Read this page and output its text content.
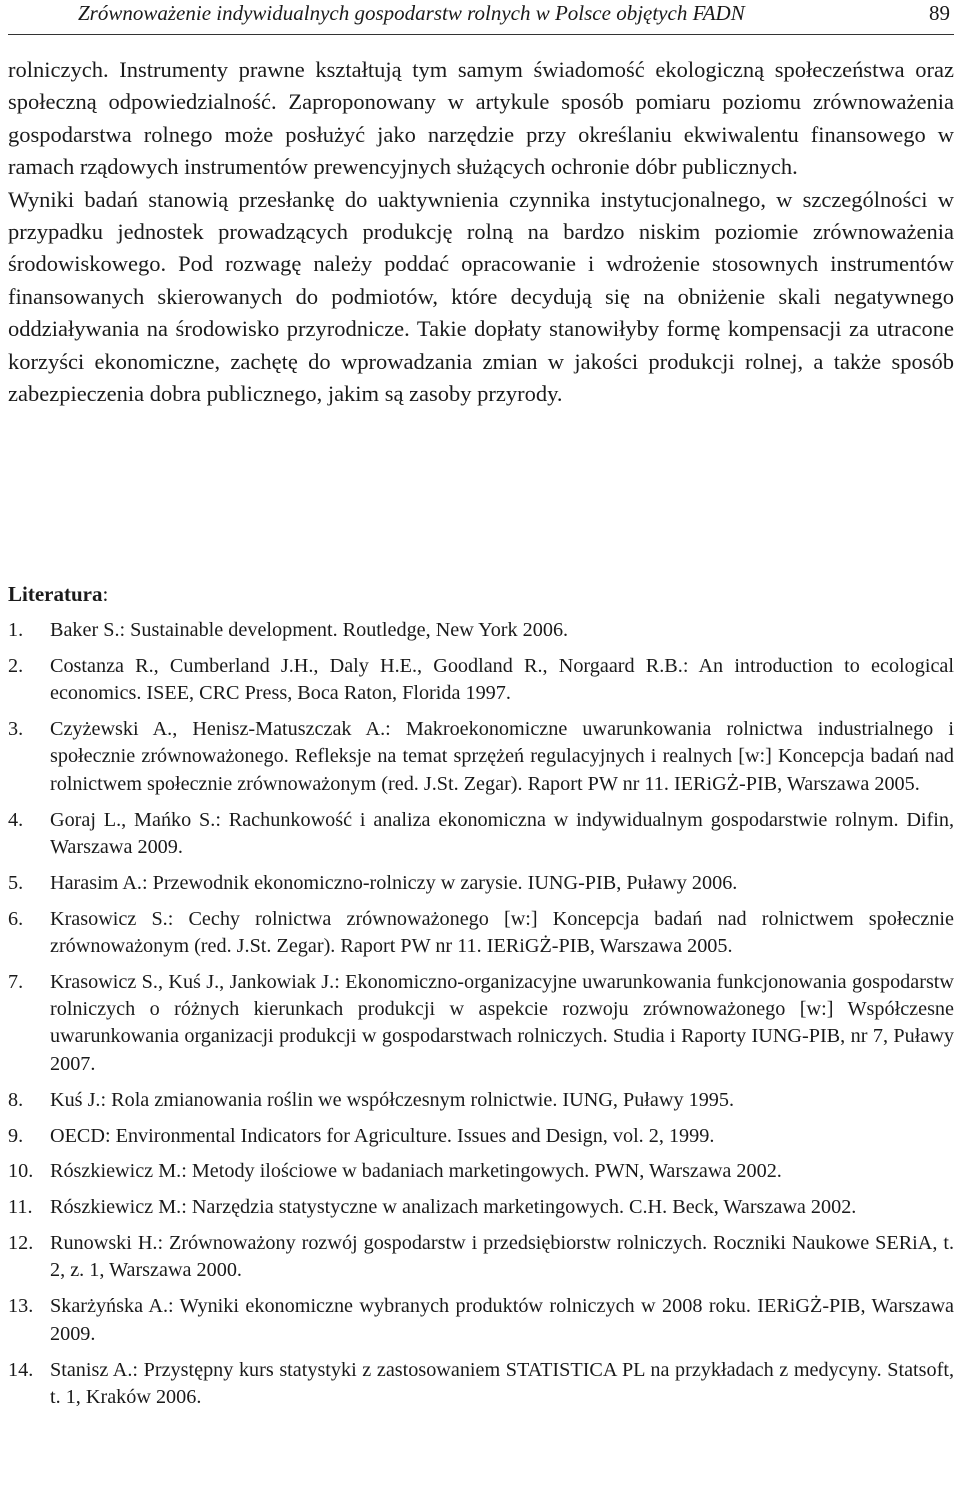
Zrównoważenie indywidualnych gospodarstw rolnych w Polsce objętych FADN	89

rolniczych. Instrumenty prawne kształtują tym samym świadomość ekologiczną społeczeństwa oraz społeczną odpowiedzialność. Zaproponowany w artykule sposób pomiaru poziomu zrównoważenia gospodarstwa rolnego może posłużyć jako narzędzie przy określaniu ekwiwalentu finansowego w ramach rządowych instrumentów prewencyjnych służących ochronie dóbr publicznych.

Wyniki badań stanowią przesłankę do uaktywnienia czynnika instytucjonalnego, w szczególności w przypadku jednostek prowadzących produkcję rolną na bardzo niskim poziomie zrównoważenia środowiskowego. Pod rozwagę należy poddać opracowanie i wdrożenie stosownych instrumentów finansowanych skierowanych do podmiotów, które decydują się na obniżenie skali negatywnego oddziaływania na środowisko przyrodnicze. Takie dopłaty stanowiłyby formę kompensacji za utracone korzyści ekonomiczne, zachętę do wprowadzania zmian w jakości produkcji rolnej, a także sposób zabezpieczenia dobra publicznego, jakim są zasoby przyrody.

Literatura:
1. Baker S.: Sustainable development. Routledge, New York 2006.
2. Costanza R., Cumberland J.H., Daly H.E., Goodland R., Norgaard R.B.: An introduction to ecological economics. ISEE, CRC Press, Boca Raton, Florida 1997.
3. Czyżewski A., Henisz-Matuszczak A.: Makroekonomiczne uwarunkowania rolnictwa industrialnego i społecznie zrównoważonego. Refleksje na temat sprzężeń regulacyjnych i realnych [w:] Koncepcja badań nad rolnictwem społecznie zrównoważonym (red. J.St. Zegar). Raport PW nr 11. IERiGŻ-PIB, Warszawa 2005.
4. Goraj L., Mańko S.: Rachunkowość i analiza ekonomiczna w indywidualnym gospodarstwie rolnym. Difin, Warszawa 2009.
5. Harasim A.: Przewodnik ekonomiczno-rolniczy w zarysie. IUNG-PIB, Puławy 2006.
6. Krasowicz S.: Cechy rolnictwa zrównoważonego [w:] Koncepcja badań nad rolnictwem społecznie zrównoważonym (red. J.St. Zegar). Raport PW nr 11. IERiGŻ-PIB, Warszawa 2005.
7. Krasowicz S., Kuś J., Jankowiak J.: Ekonomiczno-organizacyjne uwarunkowania funkcjonowania gospodarstw rolniczych o różnych kierunkach produkcji w aspekcie rozwoju zrównoważonego [w:] Współczesne uwarunkowania organizacji produkcji w gospodarstwach rolniczych. Studia i Raporty IUNG-PIB, nr 7, Puławy 2007.
8. Kuś J.: Rola zmianowania roślin we współczesnym rolnictwie. IUNG, Puławy 1995.
9. OECD: Environmental Indicators for Agriculture. Issues and Design, vol. 2, 1999.
10. Rószkiewicz M.: Metody ilościowe w badaniach marketingowych. PWN, Warszawa 2002.
11. Rószkiewicz M.: Narzędzia statystyczne w analizach marketingowych. C.H. Beck, Warszawa 2002.
12. Runowski H.: Zrównoważony rozwój gospodarstw i przedsiębiorstw rolniczych. Roczniki Naukowe SERiA, t. 2, z. 1, Warszawa 2000.
13. Skarżyńska A.: Wyniki ekonomiczne wybranych produktów rolniczych w 2008 roku. IERiGŻ-PIB, Warszawa 2009.
14. Stanisz A.: Przystępny kurs statystyki z zastosowaniem STATISTICA PL na przykładach z medycyny. Statsoft, t. 1, Kraków 2006.
